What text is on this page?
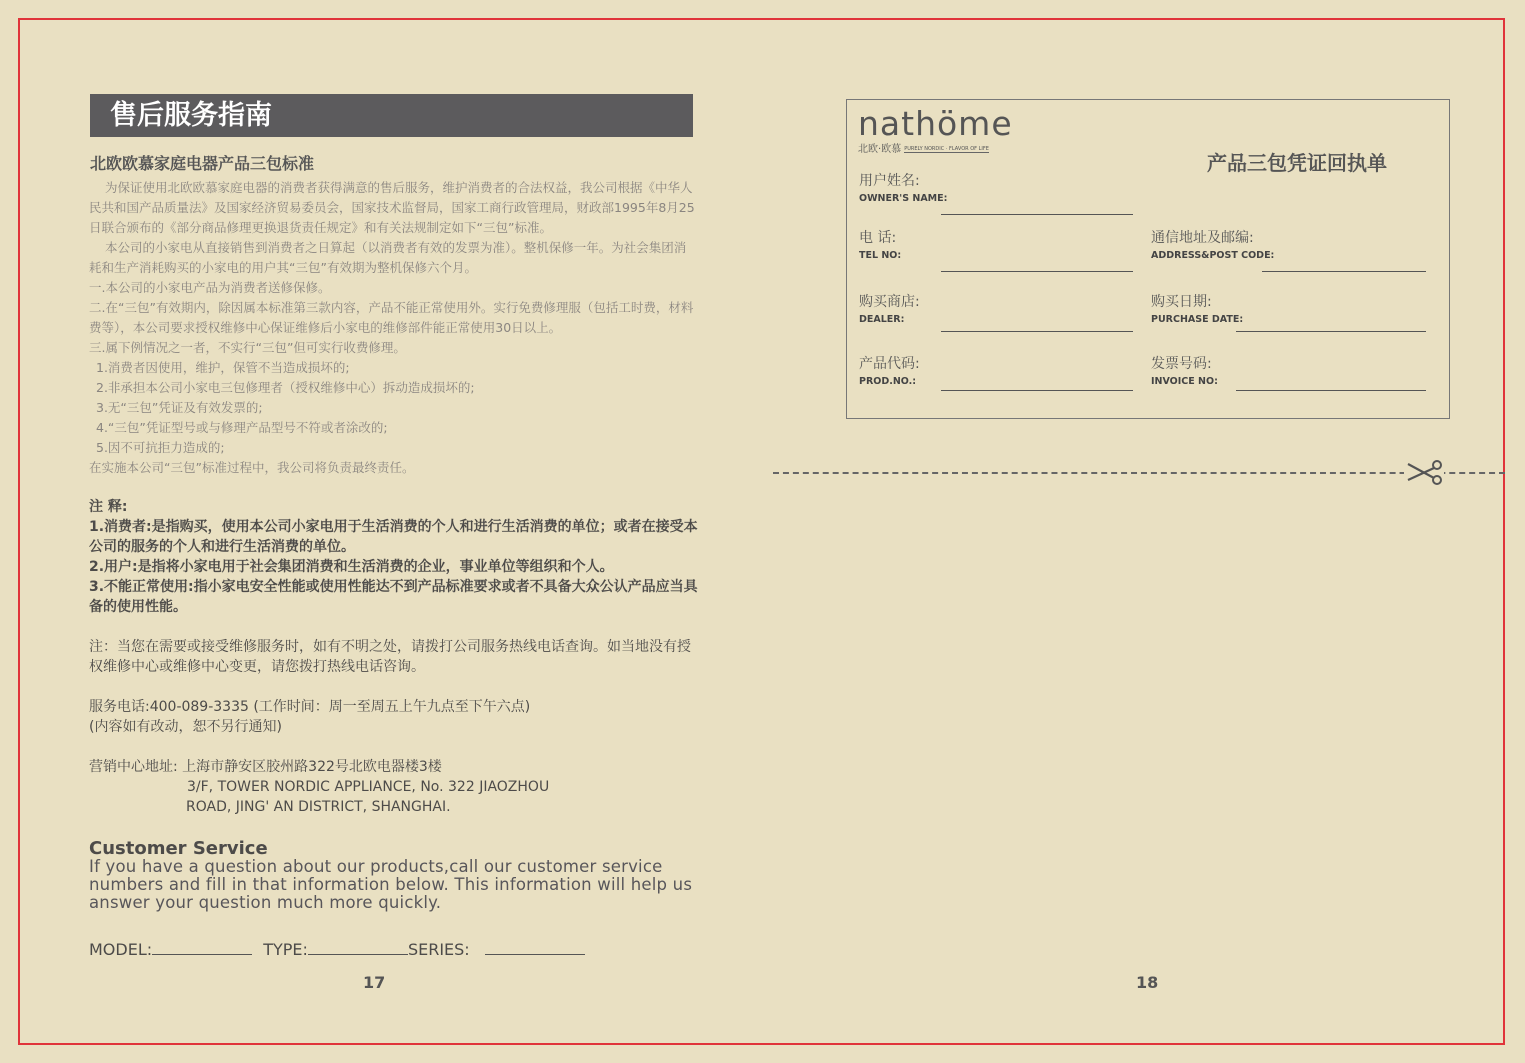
售后服务指南
北欧欧慕家庭电器产品三包标准
为保证使用北欧欧慕家庭电器的消费者获得满意的售后服务，维护消费者的合法权益，我公司根据《中华人民共和国产品质量法》及国家经济贸易委员会，国家技术监督局，国家工商行政管理局，财政部1995年8月25日联合颁布的《部分商品修理更换退货责任规定》和有关法规制定如下“三包”标准。
本公司的小家电从直接销售到消费者之日算起（以消费者有效的发票为准）。整机保修一年。为社会集团消耗和生产消耗购买的小家电的用户其“三包”有效期为整机保修六个月。
一.本公司的小家电产品为消费者送修保修。
二.在“三包”有效期内，除因属本标准第三款内容，产品不能正常使用外。实行免费修理服（包括工时费，材料费等），本公司要求授权维修中心保证维修后小家电的维修部件能正常使用30日以上。
三.属下例情况之一者，不实行“三包”但可实行收费修理。
1.消费者因使用，维护，保管不当造成损坏的;
2.非承担本公司小家电三包修理者（授权维修中心）拆动造成损坏的;
3.无“三包”凭证及有效发票的;
4.“三包”凭证型号或与修理产品型号不符或者涂改的;
5.因不可抗拒力造成的;
在实施本公司“三包”标准过程中，我公司将负责最终责任。
注 释:
1.消费者:是指购买，使用本公司小家电用于生活消费的个人和进行生活消费的单位；或者在接受本公司的服务的个人和进行生活消费的单位。
2.用户:是指将小家电用于社会集团消费和生活消费的企业，事业单位等组织和个人。
3.不能正常使用:指小家电安全性能或使用性能达不到产品标准要求或者不具备大众公认产品应当具备的使用性能。
注：当您在需要或接受维修服务时，如有不明之处，请拨打公司服务热线电话查询。如当地没有授权维修中心或维修中心变更，请您拨打热线电话咨询。
服务电话:400-089-3335 (工作时间：周一至周五上午九点至下午六点)
(内容如有改动，恕不另行通知)
营销中心地址: 上海市静安区胶州路322号北欧电器楼3楼
3/F, TOWER NORDIC APPLIANCE, No. 322 JIAOZHOU
ROAD, JING' AN DISTRICT, SHANGHAI.
Customer Service
If you have a question about our products,call our customer service numbers and fill in that information below. This information will help us answer your question much more quickly.
MODEL:	TYPE:	SERIES:
17
nathöme
北欧·欧慕 PURELY NORDIC · FLAVOR OF LIFE
产品三包凭证回执单
用户姓名:
OWNER'S NAME:
电 话:
TEL NO:
通信地址及邮编:
ADDRESS&POST CODE:
购买商店:
DEALER:
购买日期:
PURCHASE DATE:
产品代码:
PROD.NO.:
发票号码:
INVOICE NO:
18
